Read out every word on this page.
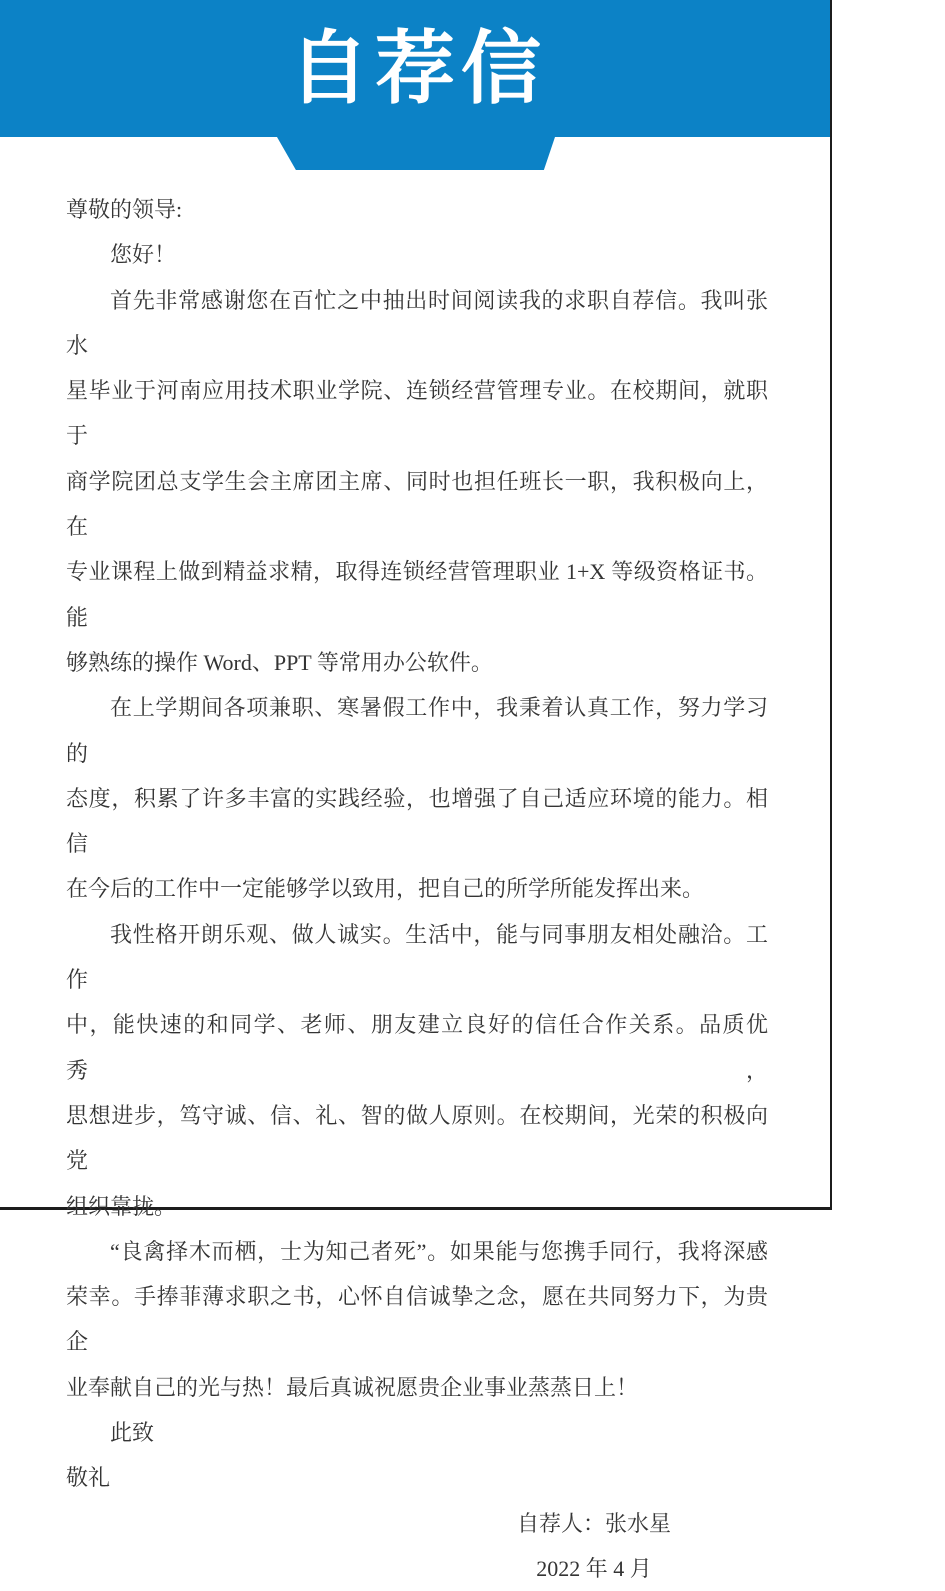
自荐信

尊敬的领导:

您好！

首先非常感谢您在百忙之中抽出时间阅读我的求职自荐信。我叫张水

星毕业于河南应用技术职业学院、连锁经营管理专业。在校期间，就职于

商学院团总支学生会主席团主席、同时也担任班长一职，我积极向上，在

专业课程上做到精益求精，取得连锁经营管理职业 1+X 等级资格证书。能

够熟练的操作 Word、PPT 等常用办公软件。

在上学期间各项兼职、寒暑假工作中，我秉着认真工作，努力学习的

态度，积累了许多丰富的实践经验，也增强了自己适应环境的能力。相信

在今后的工作中一定能够学以致用，把自己的所学所能发挥出来。

我性格开朗乐观、做人诚实。生活中，能与同事朋友相处融洽。工作

中，能快速的和同学、老师、朋友建立良好的信任合作关系。品质优秀，

思想进步，笃守诚、信、礼、智的做人原则。在校期间，光荣的积极向党

组织靠拢。

“良禽择木而栖，士为知己者死”。如果能与您携手同行，我将深感

荣幸。手捧菲薄求职之书，心怀自信诚挚之念，愿在共同努力下，为贵企

业奉献自己的光与热！最后真诚祝愿贵企业事业蒸蒸日上！

此致

敬礼

自荐人：张水星

2022 年 4 月
